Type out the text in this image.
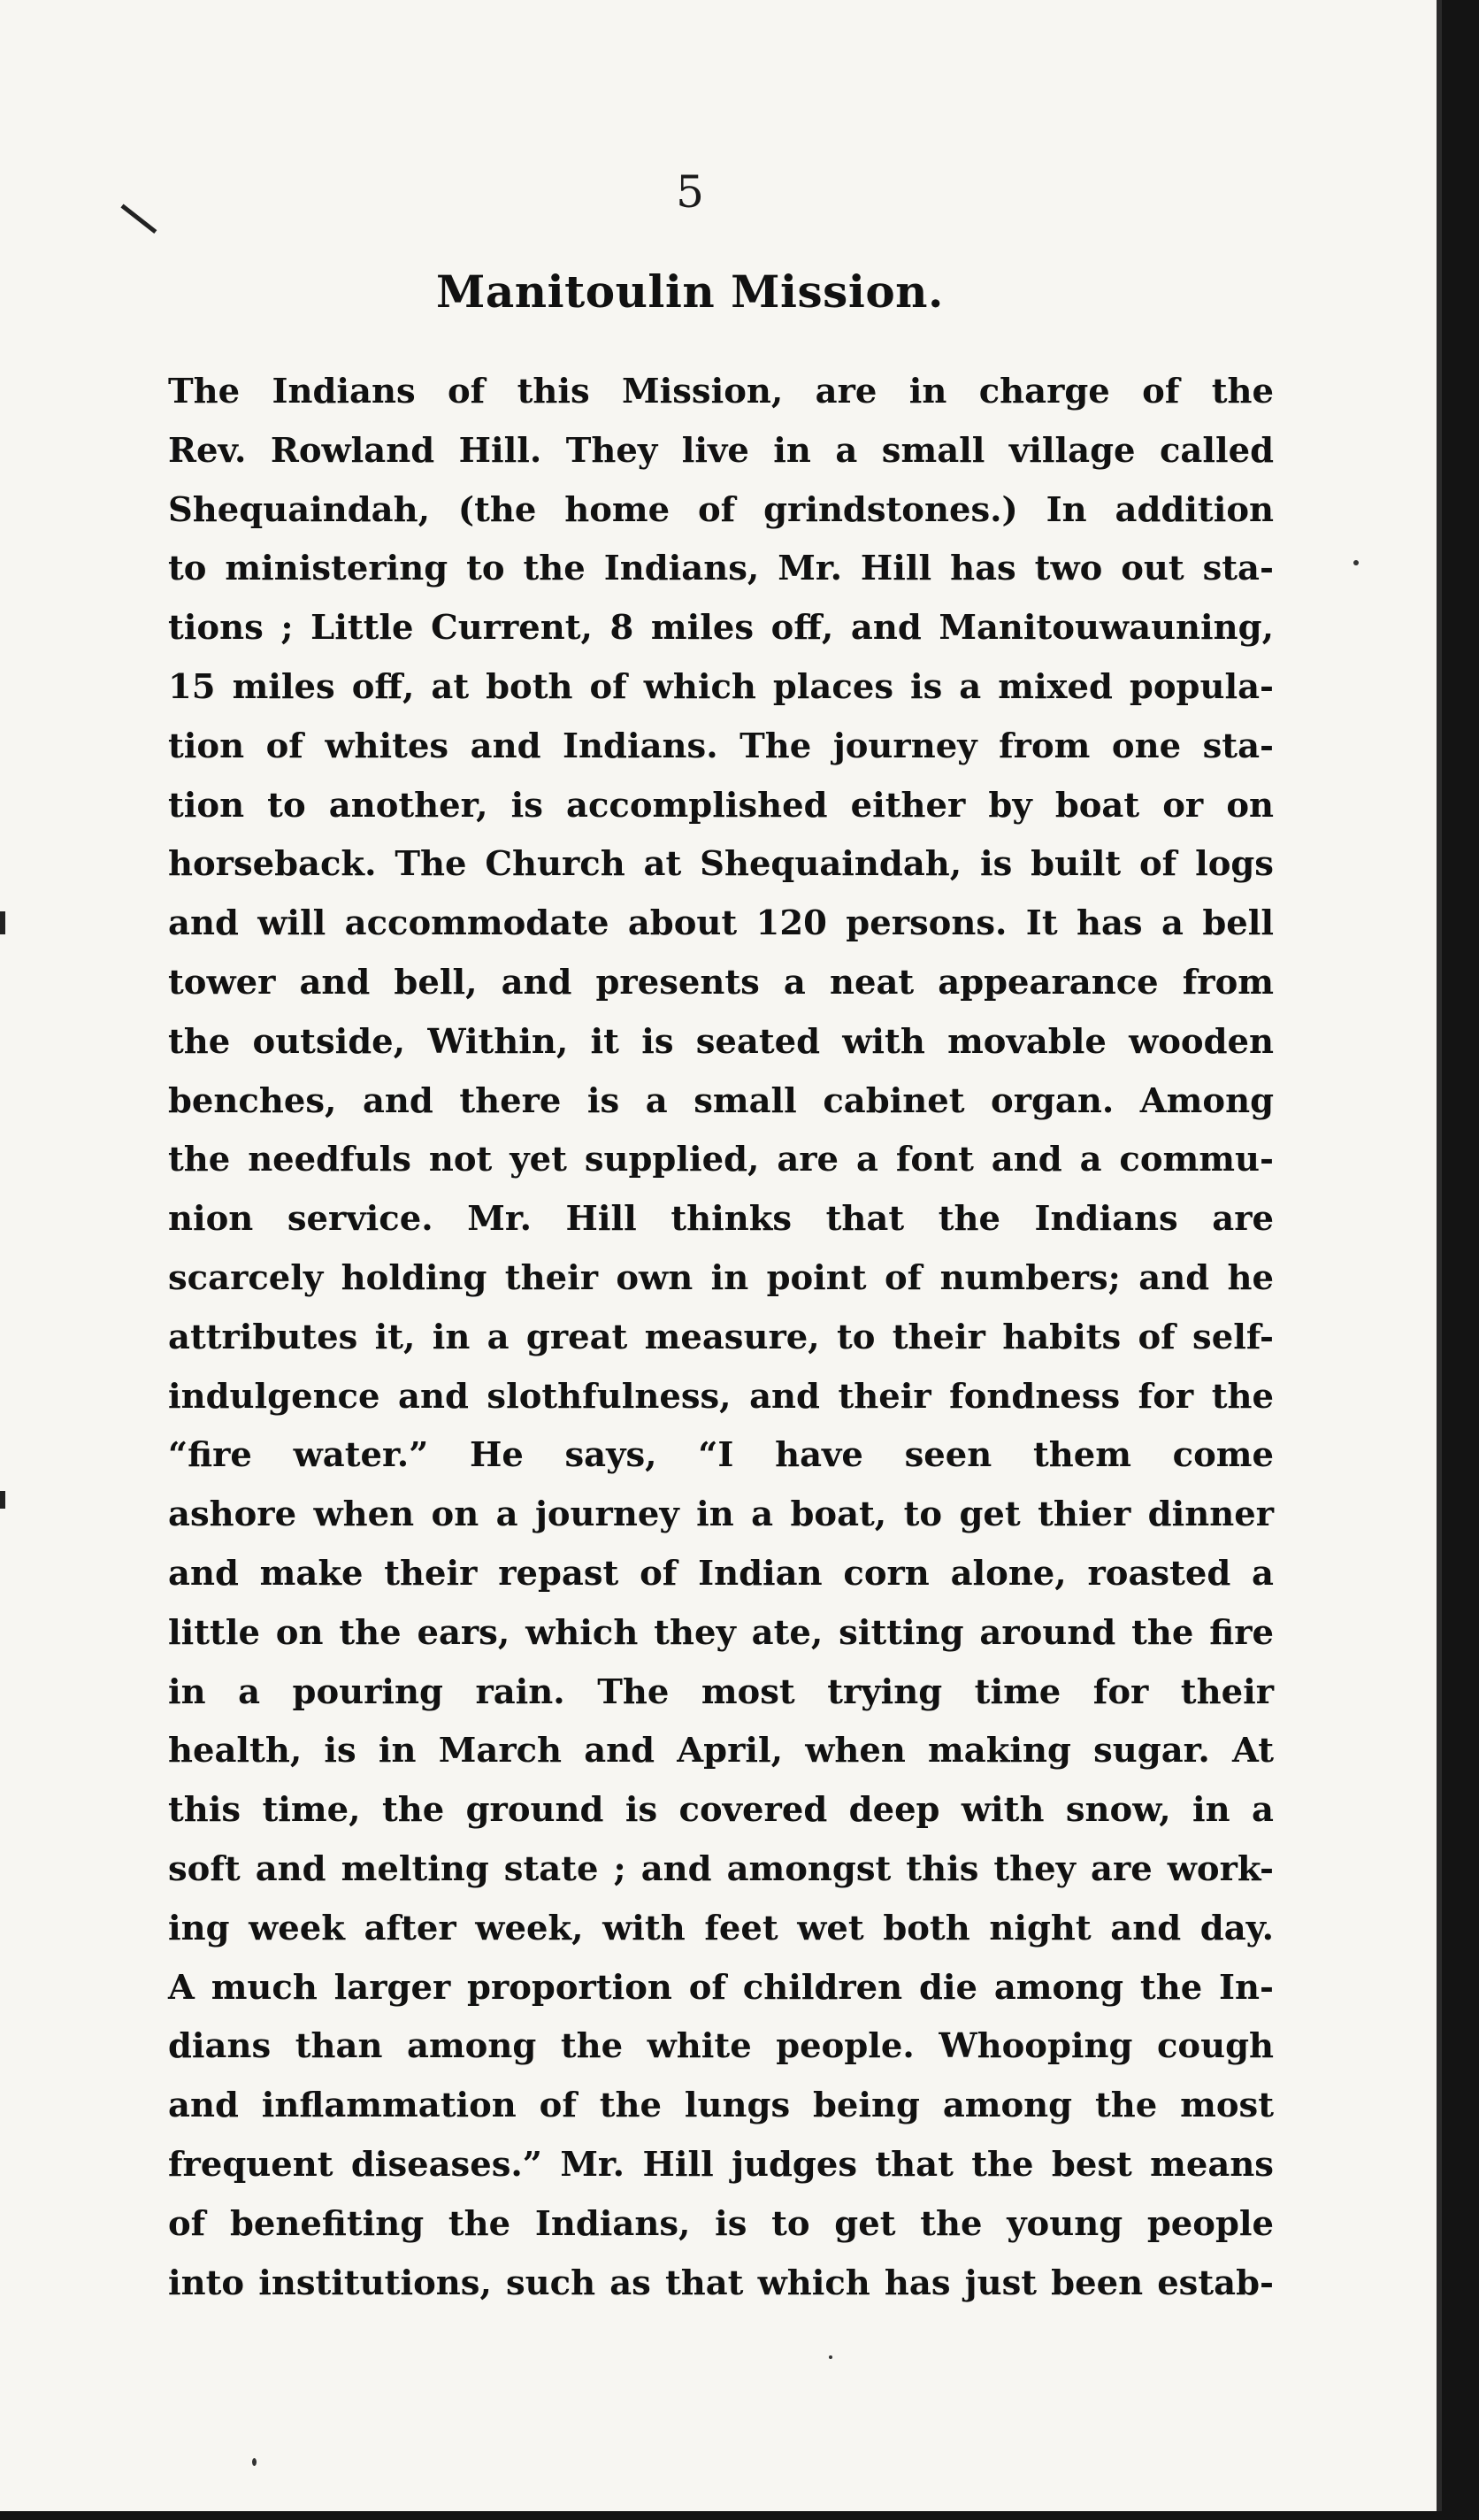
5
Manitoulin Mission.
The Indians of this Mission, are in charge of the
Rev. Rowland Hill. They live in a small village called
Shequaindah, (the home of grindstones.) In addition
to ministering to the Indians, Mr. Hill has two out sta-
tions ; Little Current, 8 miles off, and Manitouwauning,
15 miles off, at both of which places is a mixed popula-
tion of whites and Indians. The journey from one sta-
tion to another, is accomplished either by boat or on
horseback. The Church at Shequaindah, is built of logs
and will accommodate about 120 persons. It has a bell
tower and bell, and presents a neat appearance from
the outside, Within, it is seated with movable wooden
benches, and there is a small cabinet organ. Among
the needfuls not yet supplied, are a font and a commu-
nion service. Mr. Hill thinks that the Indians are
scarcely holding their own in point of numbers; and he
attributes it, in a great measure, to their habits of self-
indulgence and slothfulness, and their fondness for the
“fire water.” He says, “I have seen them come
ashore when on a journey in a boat, to get thier dinner
and make their repast of Indian corn alone, roasted a
little on the ears, which they ate, sitting around the fire
in a pouring rain. The most trying time for their
health, is in March and April, when making sugar. At
this time, the ground is covered deep with snow, in a
soft and melting state ; and amongst this they are work-
ing week after week, with feet wet both night and day.
A much larger proportion of children die among the In-
dians than among the white people. Whooping cough
and inflammation of the lungs being among the most
frequent diseases.” Mr. Hill judges that the best means
of benefiting the Indians, is to get the young people
into institutions, such as that which has just been estab-
